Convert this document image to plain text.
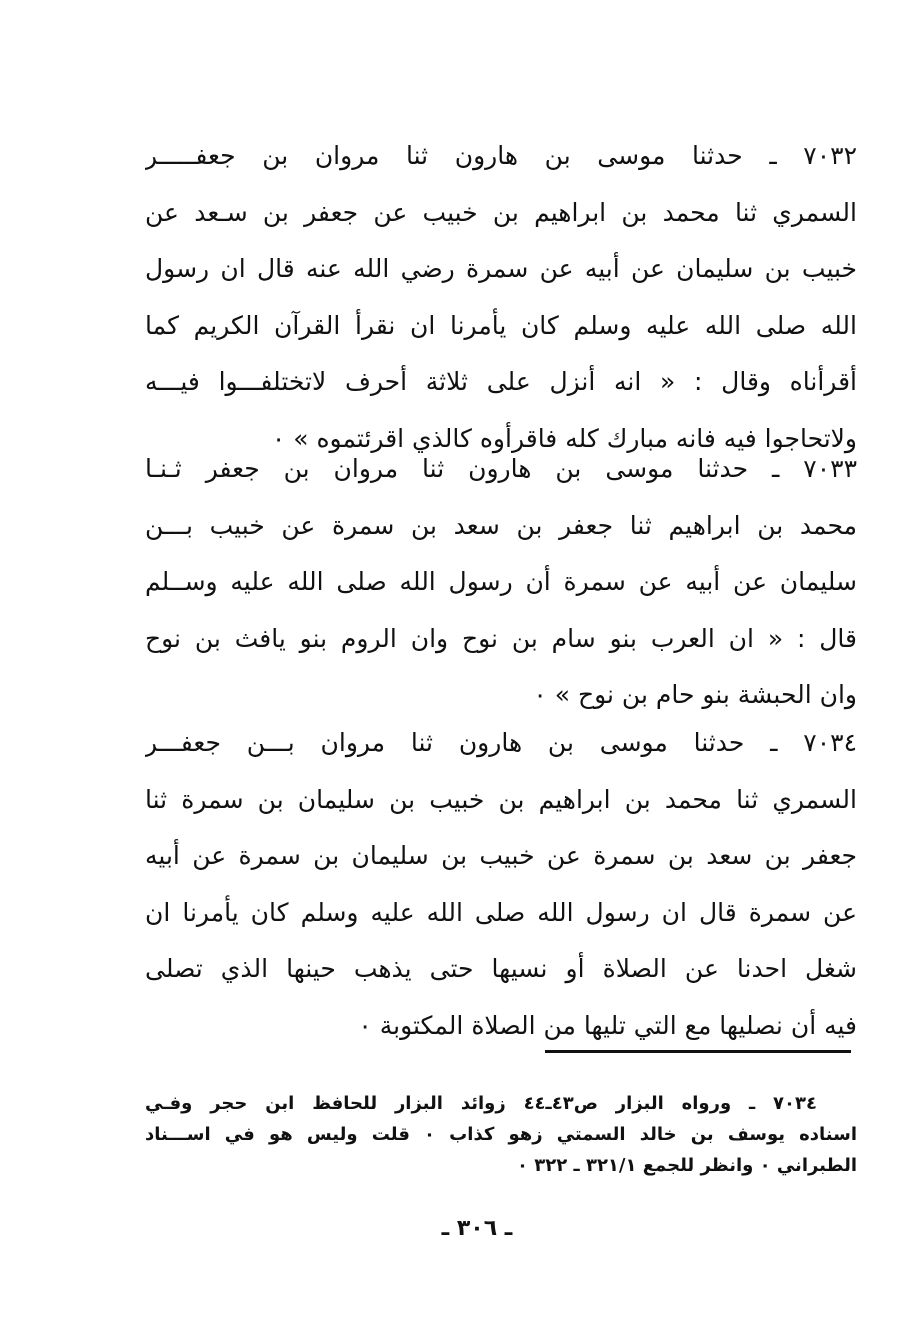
٧٠٣٢ ـ حدثنا موسى بن هارون ثنا مروان بن جعفـــــر
السمري ثنا محمد بن ابراهيم بن خبيب عن جعفر بن سـعد عن
خبيب بن سليمان عن أبيه عن سمرة رضي الله عنه قال ان رسول
الله صلى الله عليه وسلم كان يأمرنا ان نقرأ القرآن الكريم كما
أقرأناه وقال : « انه أنزل على ثلاثة أحرف لاتختلفـــوا فيـــه
ولاتحاجوا فيه فانه مبارك كله فاقرأوه كالذي اقرئتموه » ٠
٧٠٣٣ ـ حدثنا موسى بن هارون ثنا مروان بن جعفر ثـنـا
محمد بن ابراهيم ثنا جعفر بن سعد بن سمرة عن خبيب بـــن
سليمان عن أبيه عن سمرة أن رسول الله صلى الله عليه وســلم
قال : « ان العرب بنو سام بن نوح وان الروم بنو يافث بن نوح
وان الحبشة بنو حام بن نوح » ٠
٧٠٣٤ ـ حدثنا موسى بن هارون ثنا مروان بـــن جعفـــر
السمري ثنا محمد بن ابراهيم بن خبيب بن سليمان بن سمرة ثنا
جعفر بن سعد بن سمرة عن خبيب بن سليمان بن سمرة عن أبيه
عن سمرة قال ان رسول الله صلى الله عليه وسلم كان يأمرنا ان
شغل احدنا عن الصلاة أو نسيها حتى يذهب حينها الذي تصلى
فيه أن نصليها مع التي تليها من الصلاة المكتوبة ٠
٧٠٣٤ ـ ورواه البزار ص٤٣ـ٤٤ زوائد البزار للحافظ ابن حجر وفـي
اسناده يوسف بن خالد السمتي زهو كذاب ٠ قلت وليس هو في اســـناد
الطبراني ٠ وانظر للجمع ٣٢١/١ ـ ٣٢٢ ٠
ـ ٣٠٦ ـ
